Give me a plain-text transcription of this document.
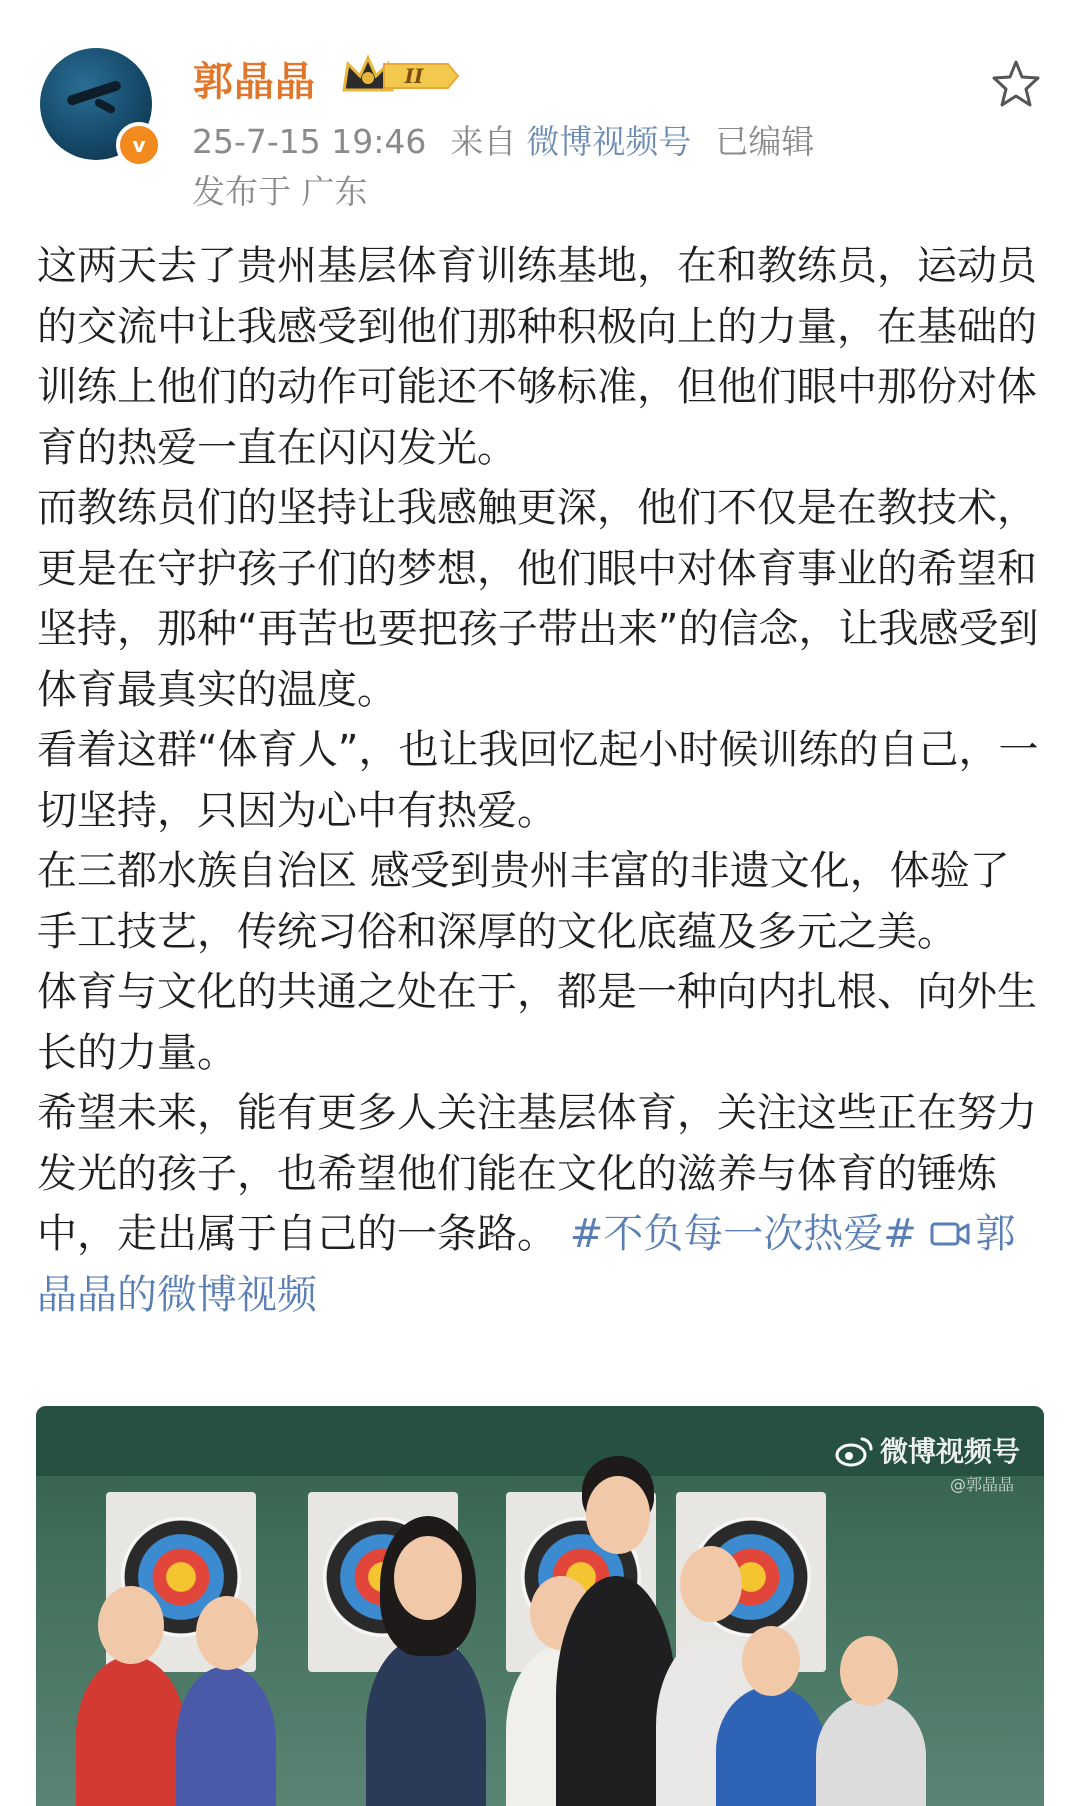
v
郭晶晶	II
25-7-15 19:46 来自 微博视频号 已编辑
发布于 广东

这两天去了贵州基层体育训练基地，在和教练员，运动员的交流中让我感受到他们那种积极向上的力量，在基础的训练上他们的动作可能还不够标准，但他们眼中那份对体育的热爱一直在闪闪发光。

而教练员们的坚持让我感触更深，他们不仅是在教技术，更是在守护孩子们的梦想，他们眼中对体育事业的希望和坚持，那种“再苦也要把孩子带出来”的信念，让我感受到体育最真实的温度。

看着这群“体育人”，也让我回忆起小时候训练的自己，一切坚持，只因为心中有热爱。

在三都水族自治区 感受到贵州丰富的非遗文化，体验了手工技艺，传统习俗和深厚的文化底蕴及多元之美。

体育与文化的共通之处在于，都是一种向内扎根、向外生长的力量。

希望未来，能有更多人关注基层体育，关注这些正在努力发光的孩子，也希望他们能在文化的滋养与体育的锤炼中，走出属于自己的一条路。 #不负每一次热爱# 郭晶晶的微博视频

微博视频号
@郭晶晶
